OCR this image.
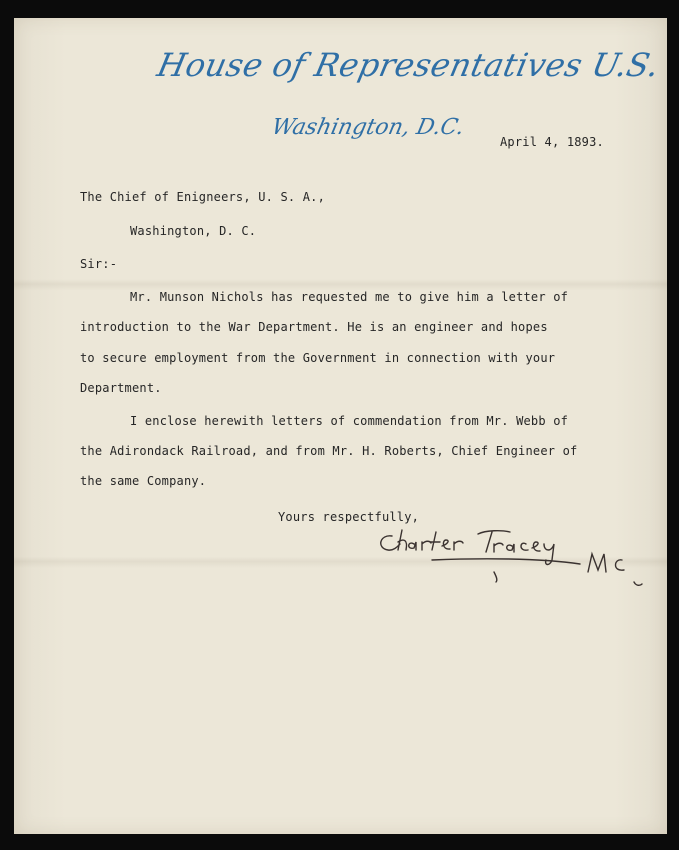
House of Representatives U.S.
Washington, D.C.
April 4, 1893.
The Chief of Enigneers, U. S. A.,
Washington, D. C.
Sir:-
Mr. Munson Nichols has requested me to give him a letter of
introduction to the War Department. He is an engineer and hopes
to secure employment from the Government in connection with your
Department.
I enclose herewith letters of commendation from Mr. Webb of
the Adirondack Railroad, and from Mr. H. Roberts, Chief Engineer of
the same Company.
Yours respectfully,
